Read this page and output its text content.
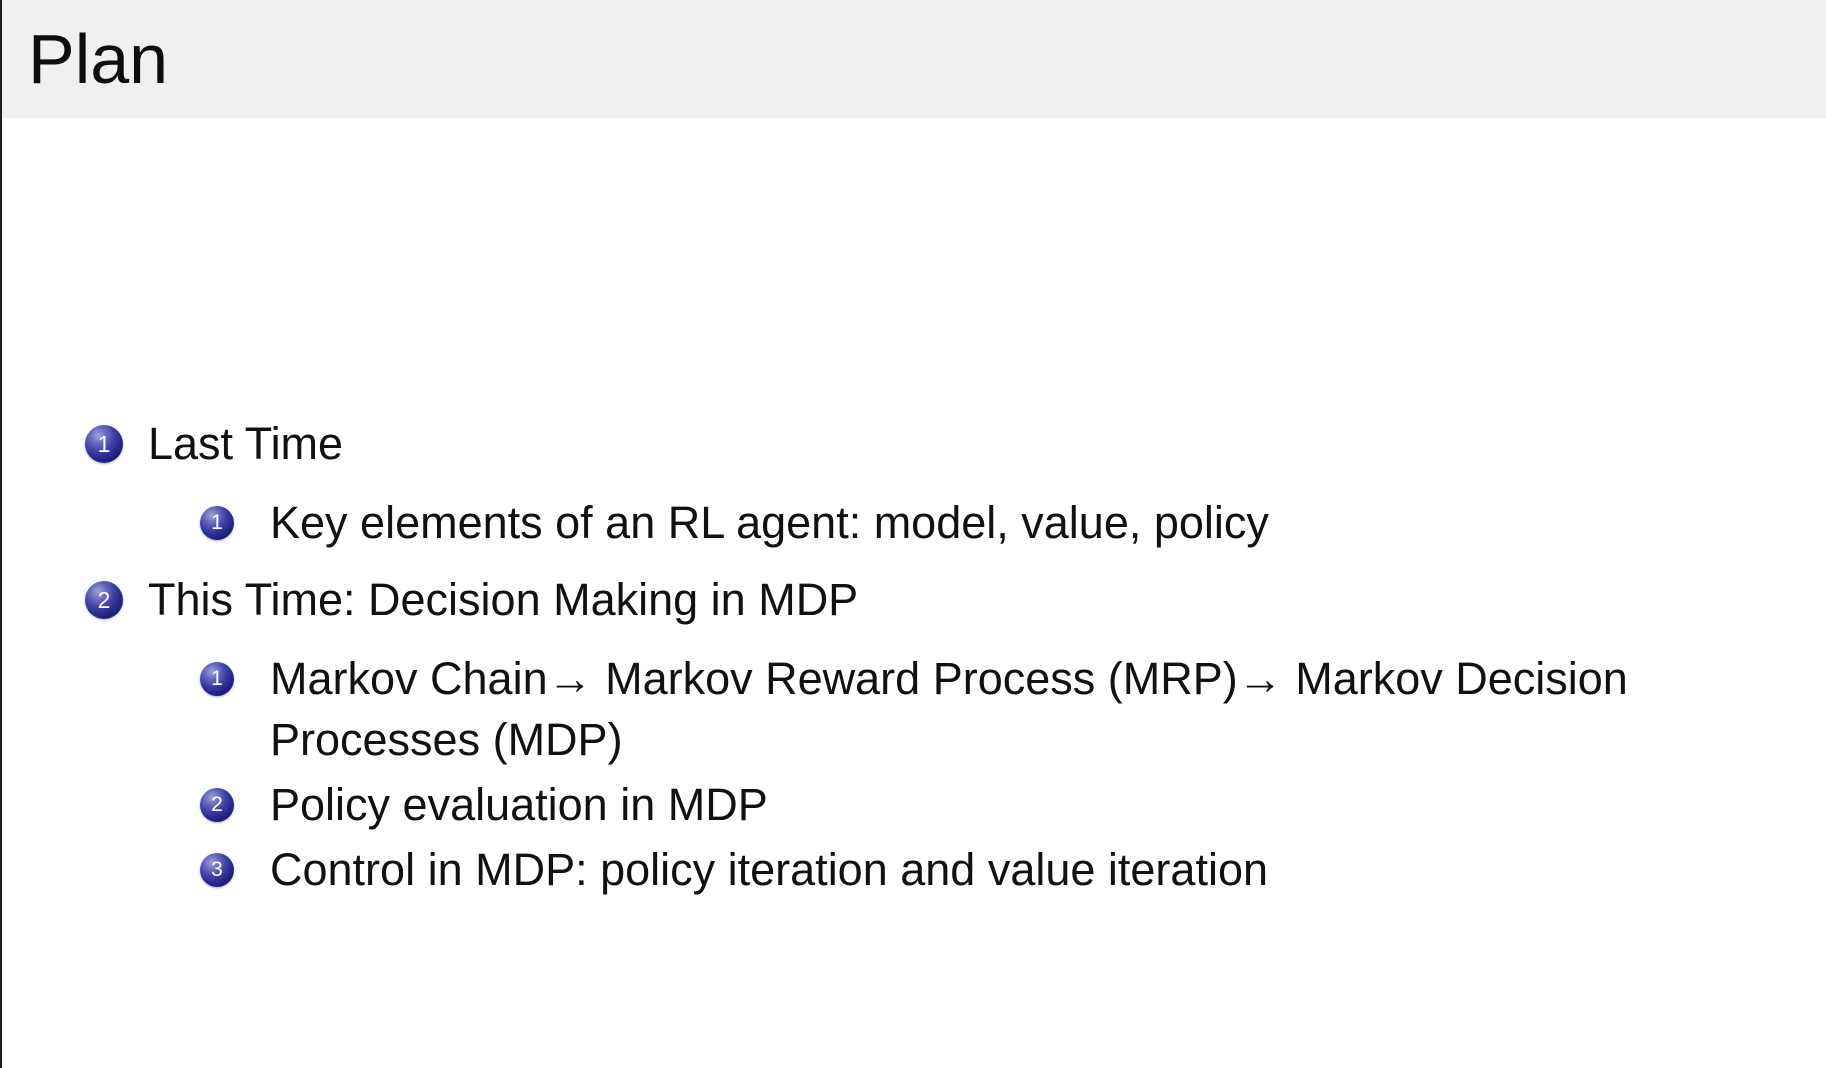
Plan
1 Last Time
1 Key elements of an RL agent: model, value, policy
2 This Time: Decision Making in MDP
1 Markov Chain→ Markov Reward Process (MRP)→ Markov Decision
Processes (MDP)
2 Policy evaluation in MDP
3 Control in MDP: policy iteration and value iteration
